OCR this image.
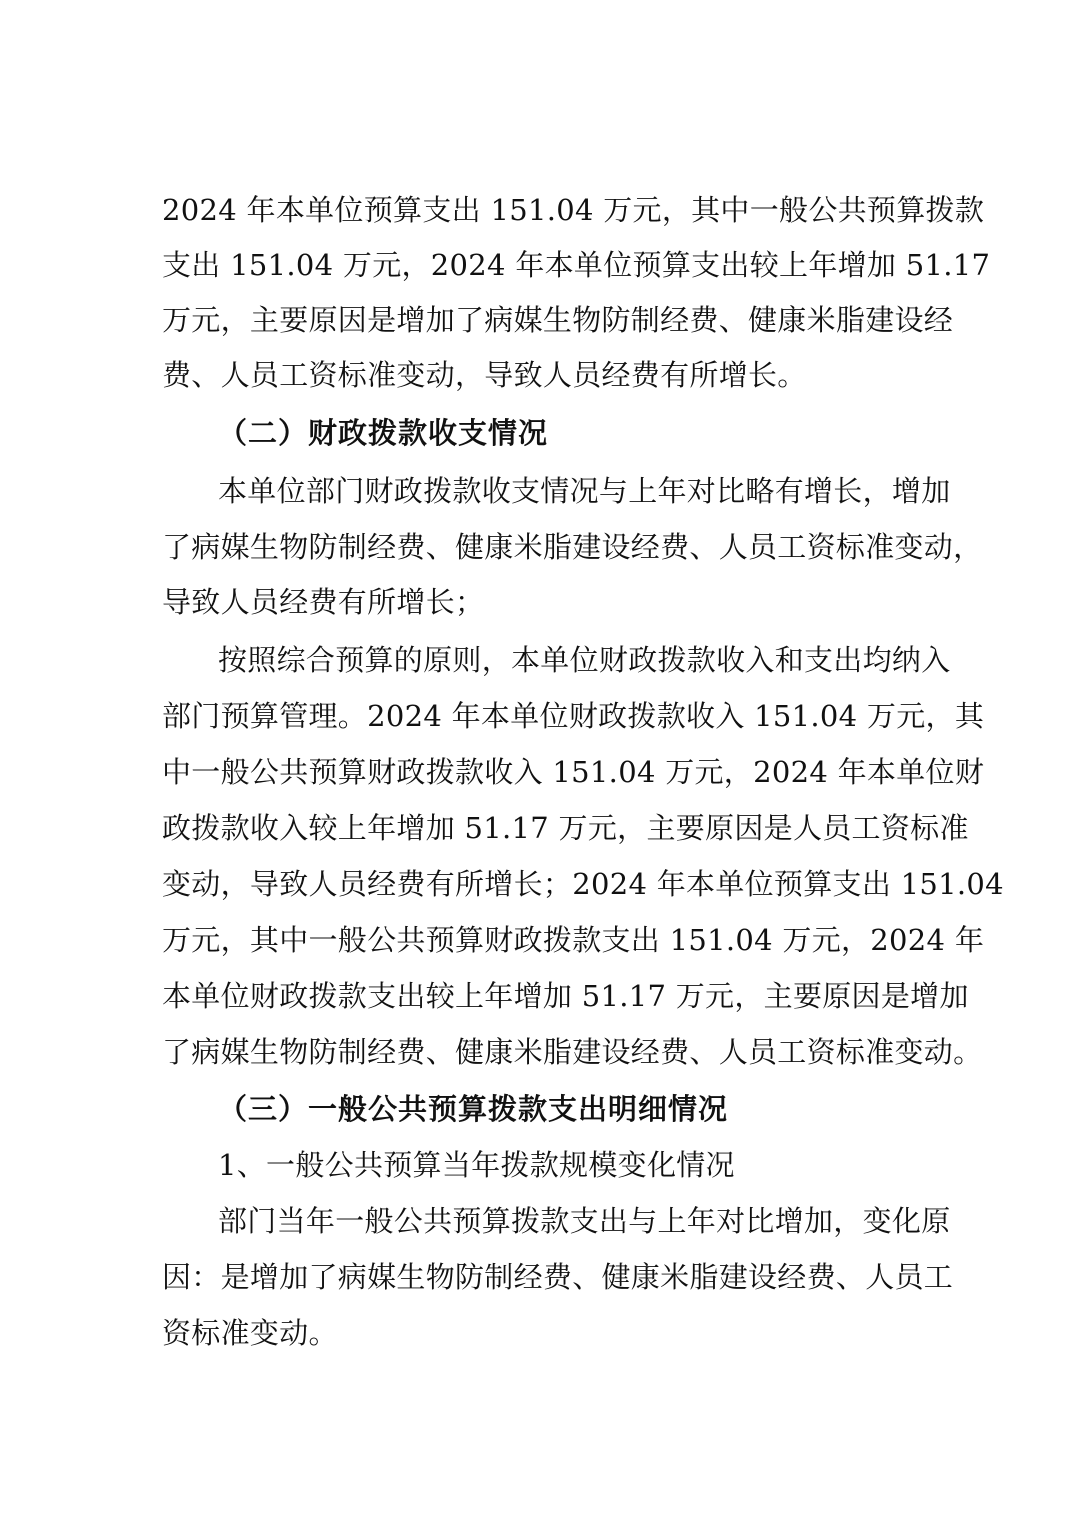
2024 年本单位预算支出 151.04 万元，其中一般公共预算拨款
支出 151.04 万元，2024 年本单位预算支出较上年增加 51.17
万元，主要原因是增加了病媒生物防制经费、健康米脂建设经
费、人员工资标准变动，导致人员经费有所增长。
（二）财政拨款收支情况
本单位部门财政拨款收支情况与上年对比略有增长，增加
了病媒生物防制经费、健康米脂建设经费、人员工资标准变动，
导致人员经费有所增长；
按照综合预算的原则，本单位财政拨款收入和支出均纳入
部门预算管理。2024 年本单位财政拨款收入 151.04 万元，其
中一般公共预算财政拨款收入 151.04 万元，2024 年本单位财
政拨款收入较上年增加 51.17 万元，主要原因是人员工资标准
变动，导致人员经费有所增长；2024 年本单位预算支出 151.04
万元，其中一般公共预算财政拨款支出 151.04 万元，2024 年
本单位财政拨款支出较上年增加 51.17 万元，主要原因是增加
了病媒生物防制经费、健康米脂建设经费、人员工资标准变动。
（三）一般公共预算拨款支出明细情况
1、一般公共预算当年拨款规模变化情况
部门当年一般公共预算拨款支出与上年对比增加，变化原
因：是增加了病媒生物防制经费、健康米脂建设经费、人员工
资标准变动。
